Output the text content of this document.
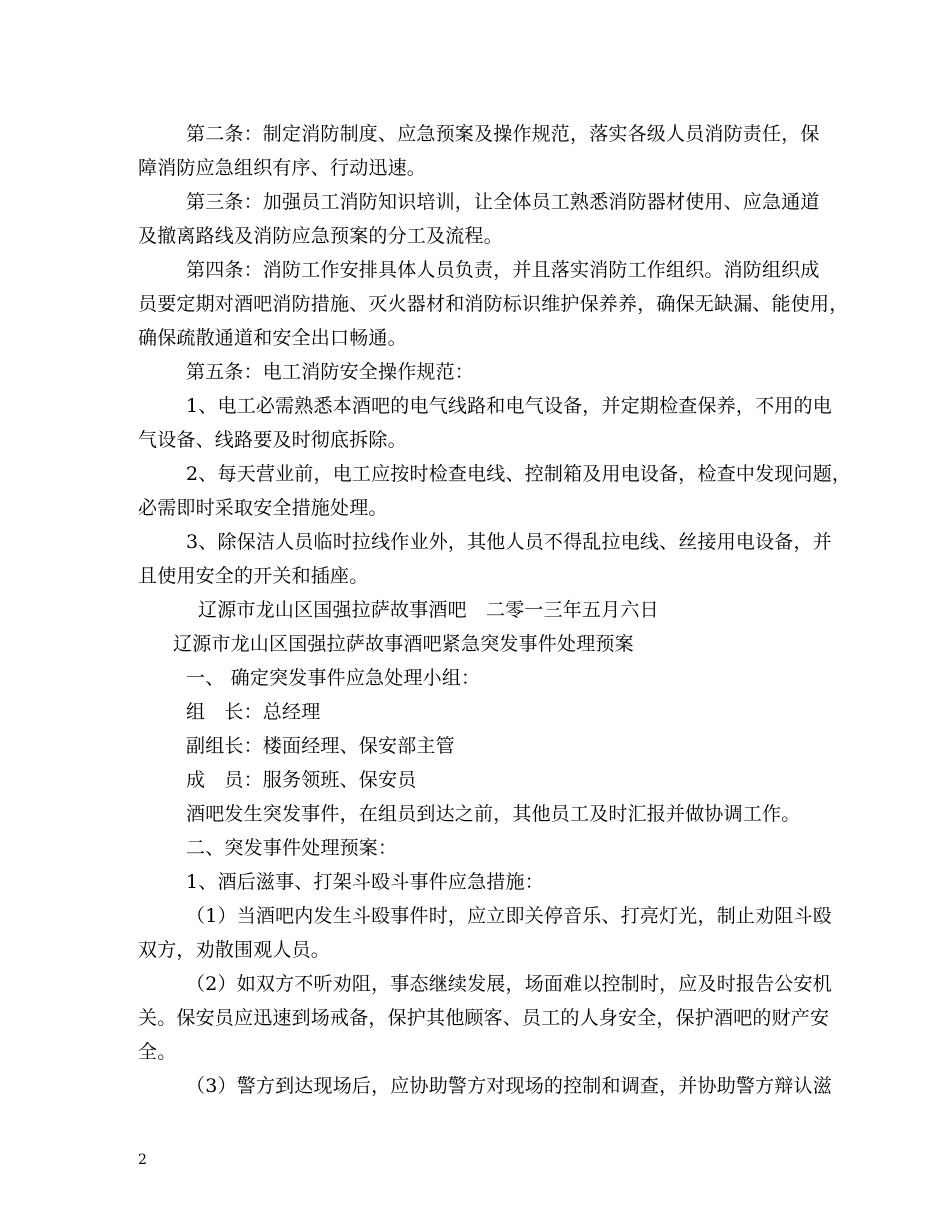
第二条：制定消防制度、应急预案及操作规范，落实各级人员消防责任，保
障消防应急组织有序、行动迅速。
第三条：加强员工消防知识培训，让全体员工熟悉消防器材使用、应急通道
及撤离路线及消防应急预案的分工及流程。
第四条：消防工作安排具体人员负责，并且落实消防工作组织。消防组织成
员要定期对酒吧消防措施、灭火器材和消防标识维护保养养，确保无缺漏、能使用，
确保疏散通道和安全出口畅通。
第五条：电工消防安全操作规范：
1、电工必需熟悉本酒吧的电气线路和电气设备，并定期检查保养，不用的电
气设备、线路要及时彻底拆除。
2、每天营业前，电工应按时检查电线、控制箱及用电设备，检查中发现问题，
必需即时采取安全措施处理。
3、除保洁人员临时拉线作业外，其他人员不得乱拉电线、丝接用电设备，并
且使用安全的开关和插座。
辽源市龙山区国强拉萨故事酒吧　二零一三年五月六日
辽源市龙山区国强拉萨故事酒吧紧急突发事件处理预案
一、 确定突发事件应急处理小组：
组　长：总经理
副组长：楼面经理、保安部主管
成　员：服务领班、保安员
酒吧发生突发事件，在组员到达之前，其他员工及时汇报并做协调工作。
二、突发事件处理预案：
1、酒后滋事、打架斗殴斗事件应急措施：
（1）当酒吧内发生斗殴事件时，应立即关停音乐、打亮灯光，制止劝阻斗殴
双方，劝散围观人员。
（2）如双方不听劝阻，事态继续发展，场面难以控制时，应及时报告公安机
关。保安员应迅速到场戒备，保护其他顾客、员工的人身安全，保护酒吧的财产安
全。
（3）警方到达现场后，应协助警方对现场的控制和调查，并协助警方辩认滋
2
